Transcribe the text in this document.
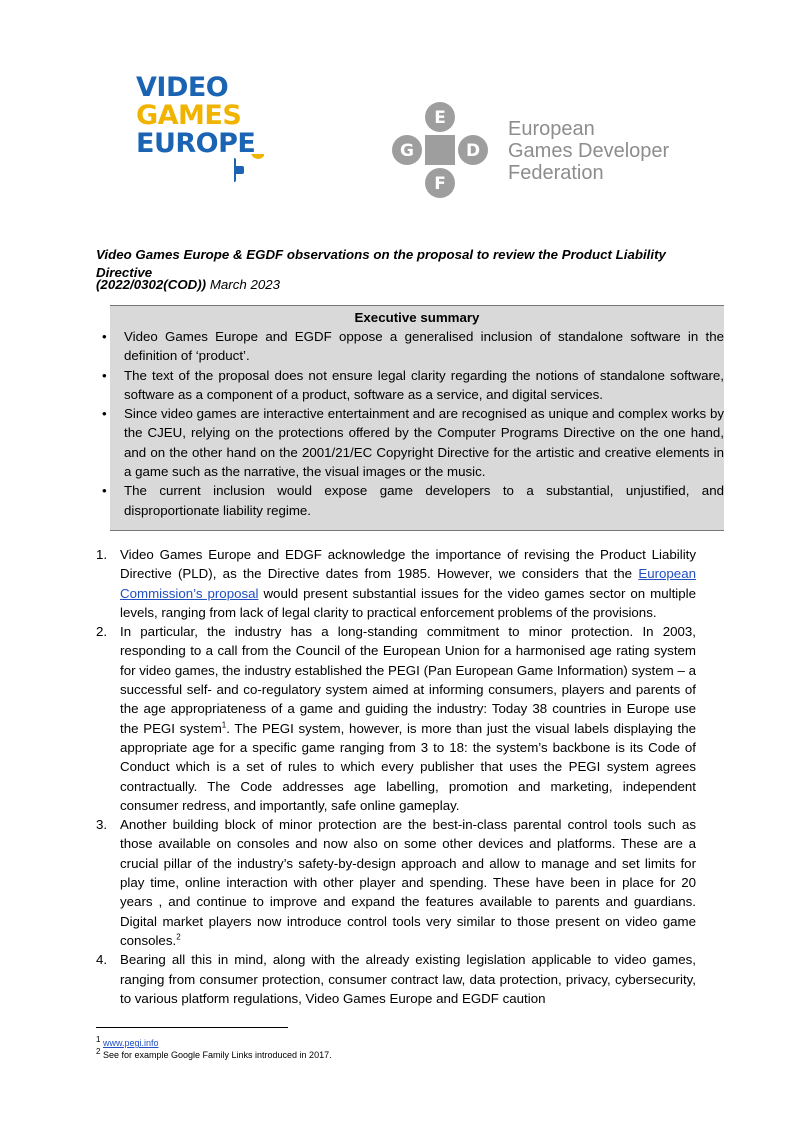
VIDEO
GAMES
EUROPE
E
G	D
F
European
Games Developer
Federation
Video Games Europe & EGDF observations on the proposal to review the Product Liability Directive
(2022/0302(COD)) March 2023
Executive summary
• Video Games Europe and EGDF oppose a generalised inclusion of standalone software in the definition of ‘product’.
• The text of the proposal does not ensure legal clarity regarding the notions of standalone software, software as a component of a product, software as a service, and digital services.
• Since video games are interactive entertainment and are recognised as unique and complex works by the CJEU, relying on the protections offered by the Computer Programs Directive on the one hand, and on the other hand on the 2001/21/EC Copyright Directive for the artistic and creative elements in a game such as the narrative, the visual images or the music.
• The current inclusion would expose game developers to a substantial, unjustified, and disproportionate liability regime.
1. Video Games Europe and EDGF acknowledge the importance of revising the Product Liability Directive (PLD), as the Directive dates from 1985. However, we considers that the European Commission’s proposal would present substantial issues for the video games sector on multiple levels, ranging from lack of legal clarity to practical enforcement problems of the provisions.
2. In particular, the industry has a long-standing commitment to minor protection. In 2003, responding to a call from the Council of the European Union for a harmonised age rating system for video games, the industry established the PEGI (Pan European Game Information) system – a successful self- and co-regulatory system aimed at informing consumers, players and parents of the age appropriateness of a game and guiding the industry: Today 38 countries in Europe use the PEGI system$^1$. The PEGI system, however, is more than just the visual labels displaying the appropriate age for a specific game ranging from 3 to 18: the system’s backbone is its Code of Conduct which is a set of rules to which every publisher that uses the PEGI system agrees contractually. The Code addresses age labelling, promotion and marketing, independent consumer redress, and importantly, safe online gameplay.
3. Another building block of minor protection are the best-in-class parental control tools such as those available on consoles and now also on some other devices and platforms. These are a crucial pillar of the industry’s safety-by-design approach and allow to manage and set limits for play time, online interaction with other player and spending. These have been in place for 20 years , and continue to improve and expand the features available to parents and guardians. Digital market players now introduce control tools very similar to those present on video game consoles.$^2$
4. Bearing all this in mind, along with the already existing legislation applicable to video games, ranging from consumer protection, consumer contract law, data protection, privacy, cybersecurity, to various platform regulations, Video Games Europe and EGDF caution
$^1$ www.pegi.info
$^2$ See for example Google Family Links introduced in 2017.
